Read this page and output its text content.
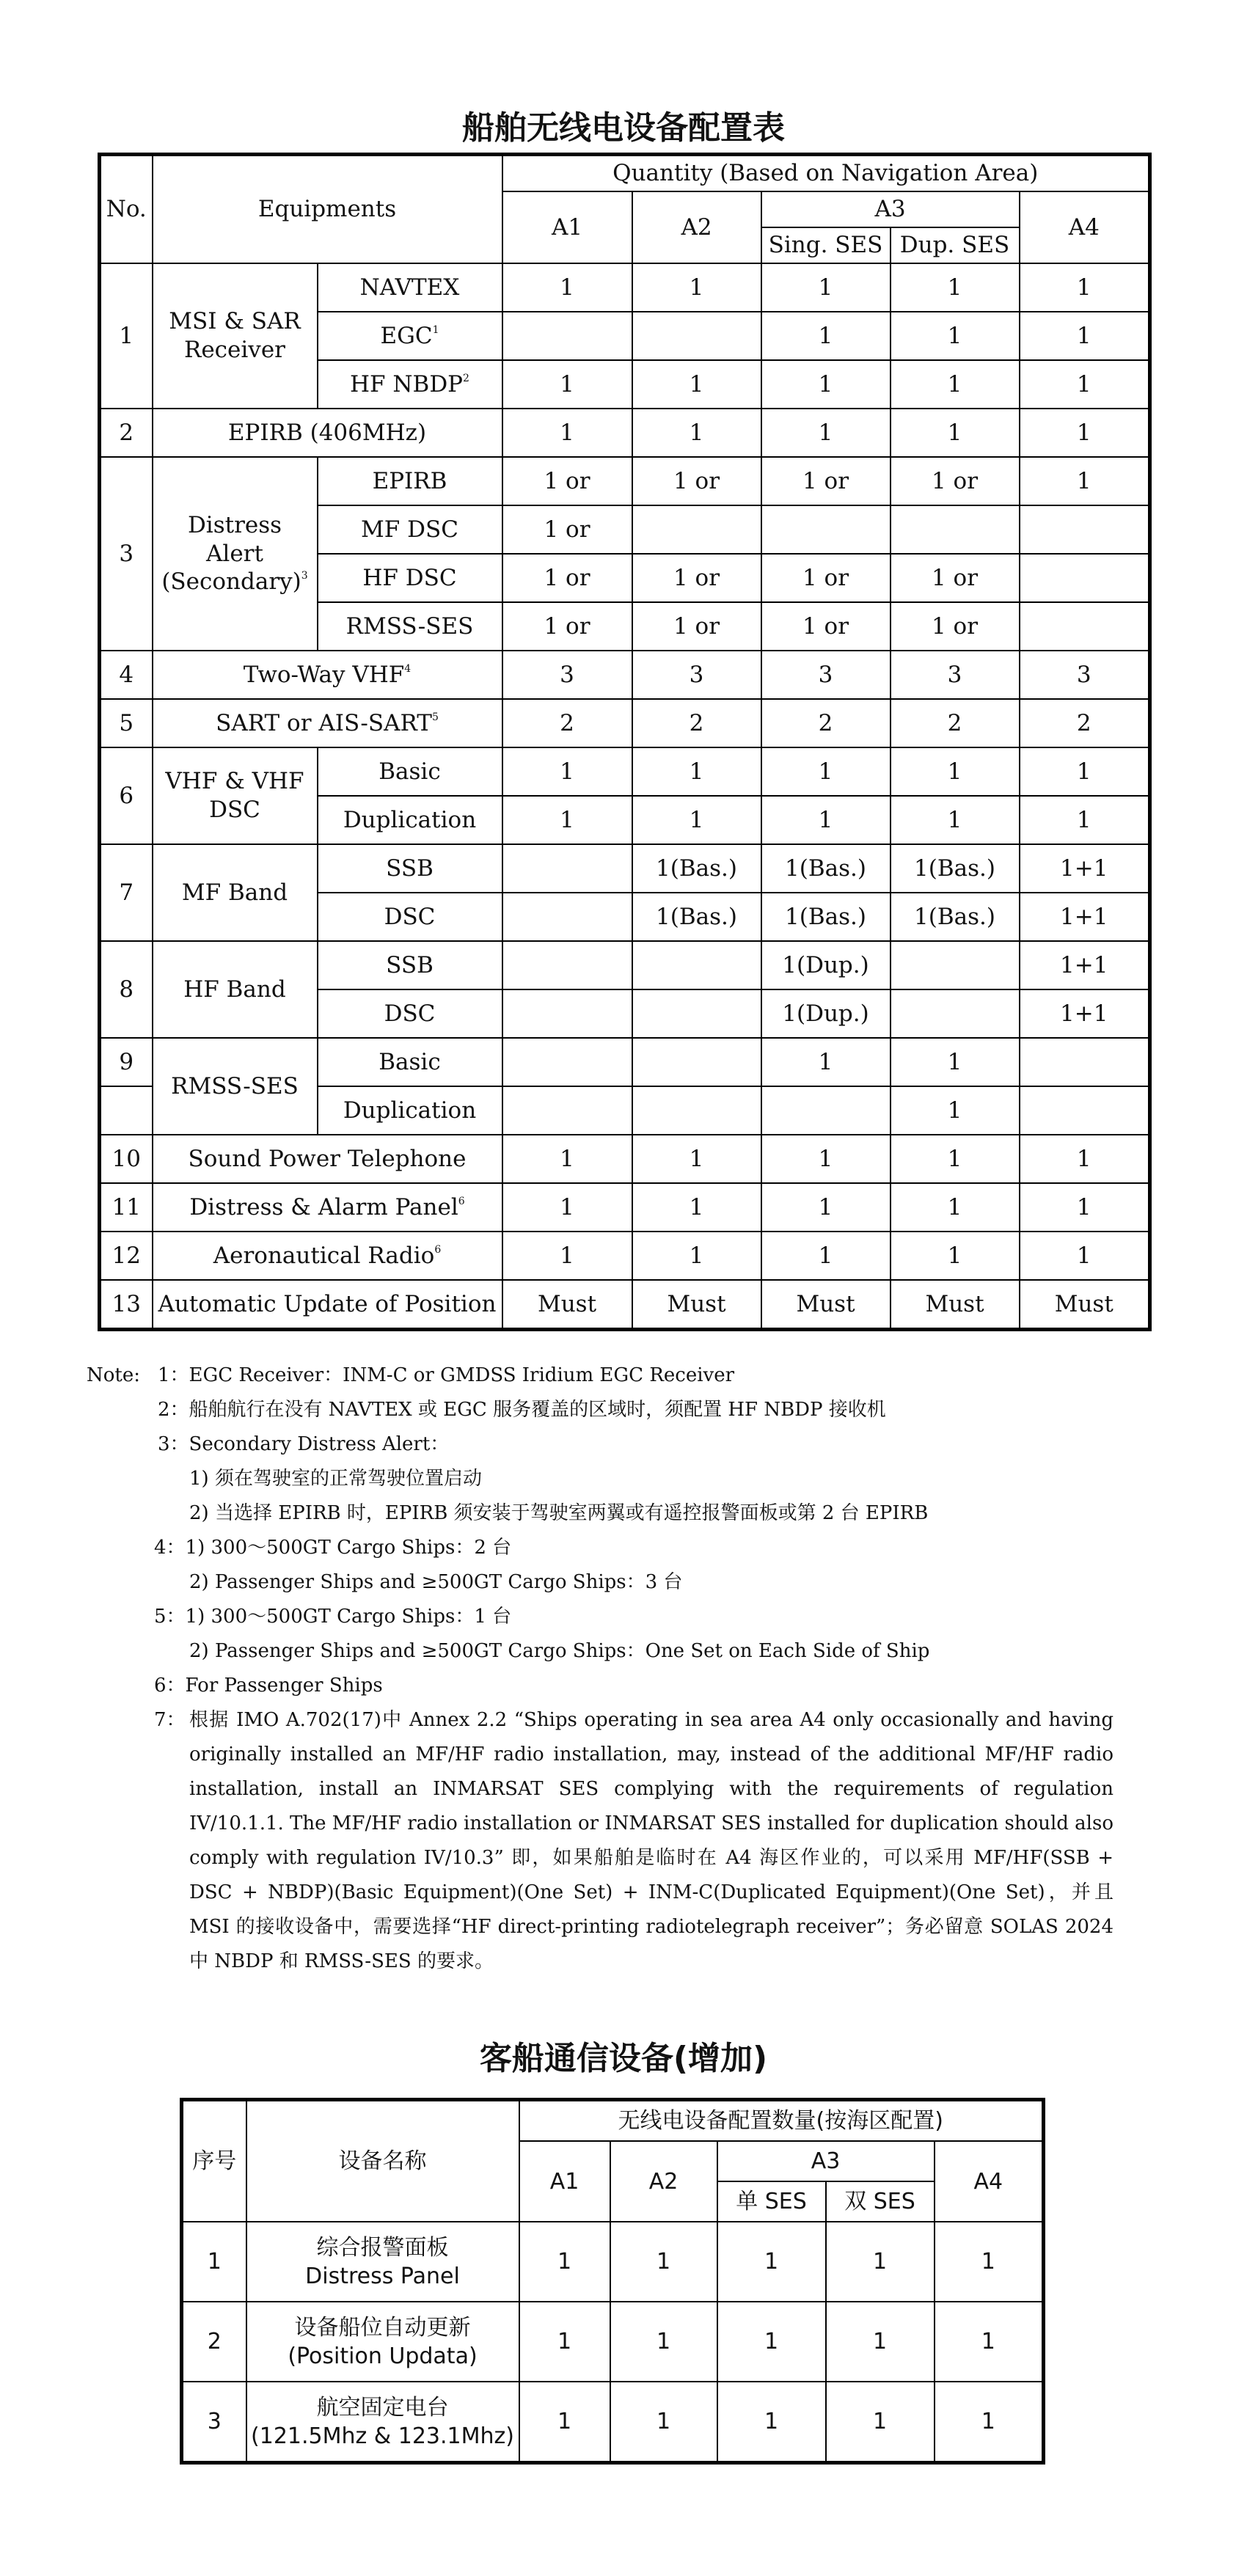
船舶无线电设备配置表
No.	Equipments		Quantity (Based on Navigation Area)				
			A1	A2	A3		A4
					Sing. SES	Dup. SES	
1	MSI & SAR Receiver	NAVTEX	1	1	1	1	1
		EGC$^1$			1	1	1
		HF NBDP$^2$	1	1	1	1	1
2	EPIRB (406MHz)		1	1	1	1	1
3	Distress
Alert
(Secondary)$^3$	EPIRB	1 or	1 or	1 or	1 or	1
		MF DSC	1 or				
		HF DSC	1 or	1 or	1 or	1 or	
		RMSS-SES	1 or	1 or	1 or	1 or	
4	Two-Way VHF$^4$		3	3	3	3	3
5	SART or AIS-SART$^5$		2	2	2	2	2
6	VHF & VHF DSC	Basic	1	1	1	1	1
		Duplication	1	1	1	1	1
7	MF Band	SSB		1(Bas.)	1(Bas.)	1(Bas.)	1+1
		DSC		1(Bas.)	1(Bas.)	1(Bas.)	1+1
8	HF Band	SSB			1(Dup.)		1+1
		DSC			1(Dup.)		1+1
9	RMSS-SES	Basic			1	1	
		Duplication				1	
10	Sound Power Telephone		1	1	1	1	1
11	Distress & Alarm Panel$^6$		1	1	1	1	1
12	Aeronautical Radio$^6$		1	1	1	1	1
13	Automatic Update of Position		Must	Must	Must	Must	Must
Note: 1：EGC Receiver：INM-C or GMDSS Iridium EGC Receiver
2：船舶航行在没有 NAVTEX 或 EGC 服务覆盖的区域时，须配置 HF NBDP 接收机
3：Secondary Distress Alert：
1) 须在驾驶室的正常驾驶位置启动
2) 当选择 EPIRB 时，EPIRB 须安装于驾驶室两翼或有遥控报警面板或第 2 台 EPIRB
4：1) 300～500GT Cargo Ships：2 台
2) Passenger Ships and ≥500GT Cargo Ships：3 台
5：1) 300～500GT Cargo Ships：1 台
2) Passenger Ships and ≥500GT Cargo Ships：One Set on Each Side of Ship
6：For Passenger Ships
7： 根据 IMO A.702(17)中 Annex 2.2 “Ships operating in sea area A4 only occasionally and having originally installed an MF/HF radio installation, may, instead of the additional MF/HF radio installation, install an INMARSAT SES complying with the requirements of regulation IV/10.1.1. The MF/HF radio installation or INMARSAT SES installed for duplication should also comply with regulation IV/10.3” 即，如果船舶是临时在 A4 海区作业的，可以采用 MF/HF(SSB + DSC + NBDP)(Basic Equipment)(One Set) + INM-C(Duplicated Equipment)(One Set)，并且 MSI 的接收设备中，需要选择“HF direct-printing radiotelegraph receiver”；务必留意 SOLAS 2024 中 NBDP 和 RMSS-SES 的要求。
客船通信设备(增加)
序号	设备名称	无线电设备配置数量(按海区配置)				
		A1	A2	A3		A4
				单 SES	双 SES	
1	综合报警面板
Distress Panel	1	1	1	1	1
2	设备船位自动更新
(Position Updata)	1	1	1	1	1
3	航空固定电台
(121.5Mhz & 123.1Mhz)	1	1	1	1	1
